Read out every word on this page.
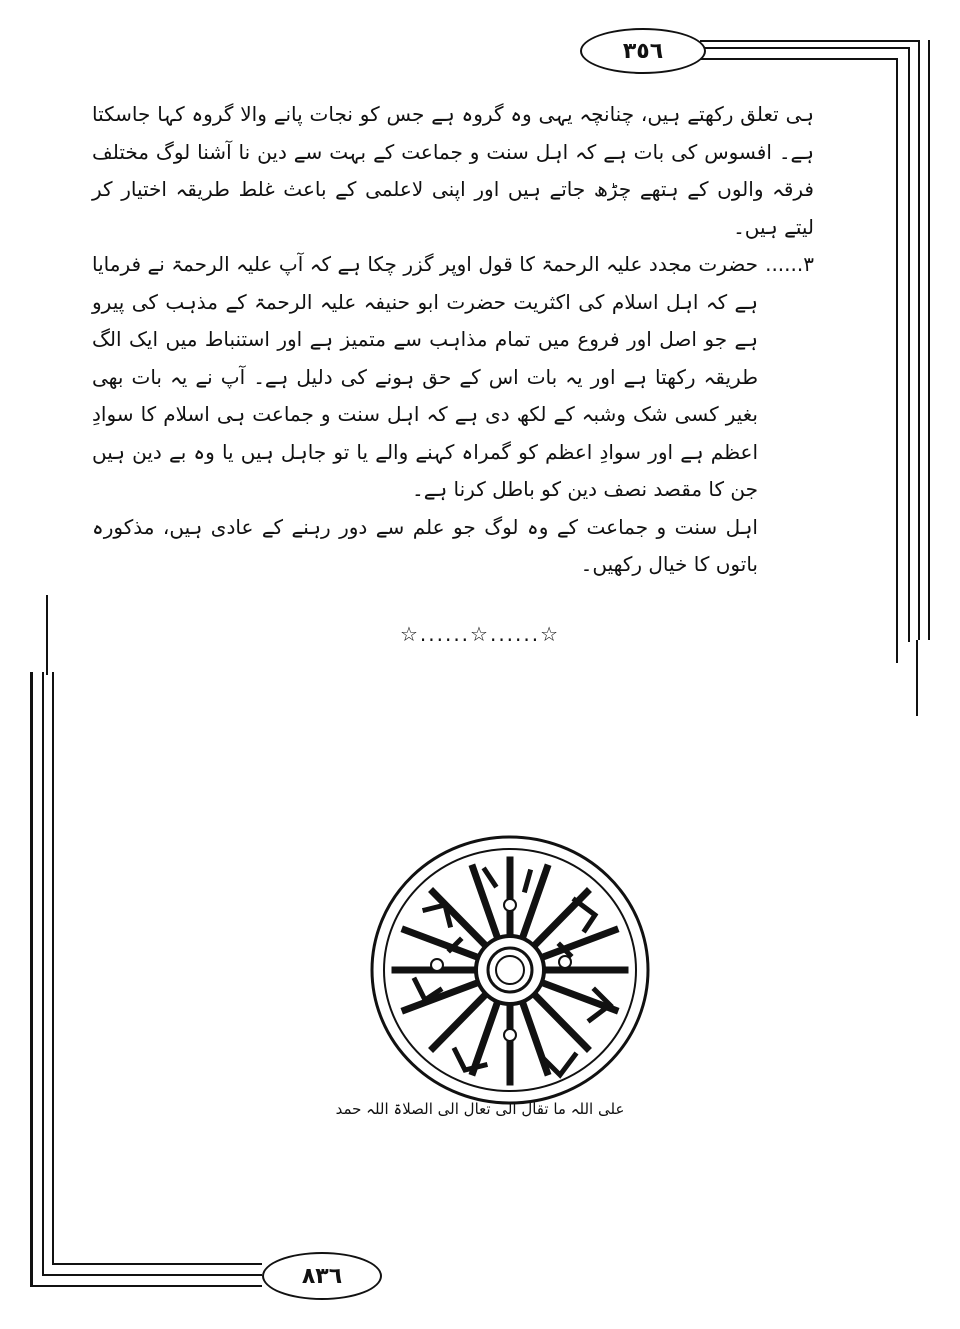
٣٥٦
٨٣٦

ہی تعلق رکھتے ہیں، چنانچہ یہی وہ گروہ ہے جس کو نجات پانے والا گروہ کہا جاسکتا ہے۔ افسوس کی بات ہے کہ اہل سنت و جماعت کے بہت سے دین نا آشنا لوگ مختلف فرقہ والوں کے ہتھے چڑھ جاتے ہیں اور اپنی لاعلمی کے باعث غلط طریقہ اختیار کر لیتے ہیں۔

٣......
حضرت مجدد علیہ الرحمۃ کا قول اوپر گزر چکا ہے کہ آپ علیہ الرحمۃ نے فرمایا ہے کہ اہل اسلام کی اکثریت حضرت ابو حنیفہ علیہ الرحمۃ کے مذہب کی پیرو ہے جو اصل اور فروع میں تمام مذاہب سے متمیز ہے اور استنباط میں ایک الگ طریقہ رکھتا ہے اور یہ بات اس کے حق ہونے کی دلیل ہے۔ آپ نے یہ بات بھی بغیر کسی شک وشبہ کے لکھ دی ہے کہ اہل سنت و جماعت ہی اسلام کا سوادِ اعظم ہے اور سوادِ اعظم کو گمراہ کہنے والے یا تو جاہل ہیں یا وہ بے دین ہیں جن کا مقصد نصف دین کو باطل کرنا ہے۔

اہل سنت و جماعت کے وہ لوگ جو علم سے دور رہنے کے عادی ہیں، مذکورہ باتوں کا خیال رکھیں۔

☆......☆......☆
علی اللہ ما تقال الی تعال الی الصلاۃ اللہ حمد
